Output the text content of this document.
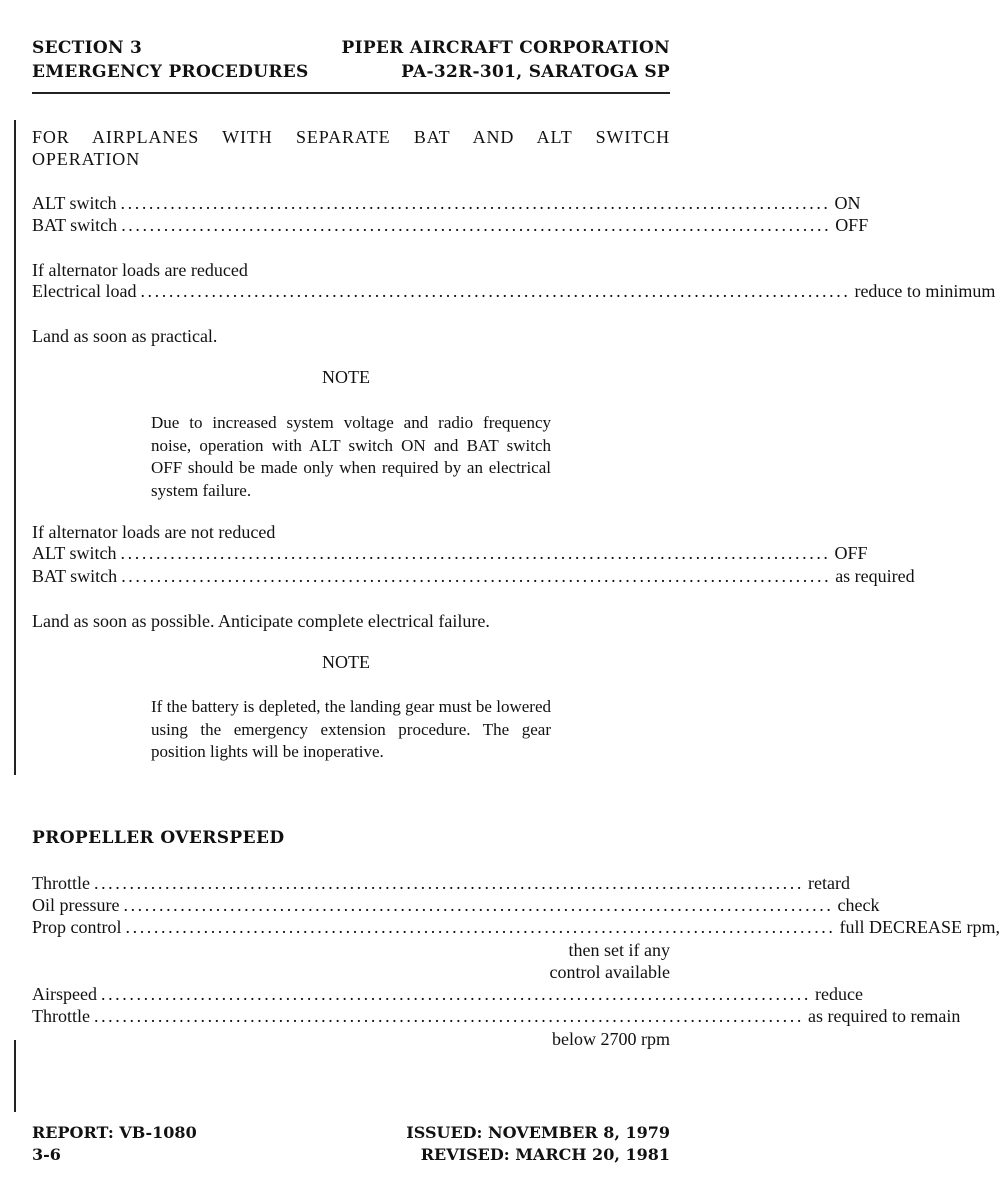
SECTION 3
EMERGENCY PROCEDURES
PIPER AIRCRAFT CORPORATION
PA-32R-301, SARATOGA SP
FOR AIRPLANES WITH SEPARATE BAT AND ALT SWITCH
OPERATION
ALT switch .................................................................................................... ON
BAT switch .................................................................................................... OFF
If alternator loads are reduced
Electrical load .................................................................................................... reduce to minimum
Land as soon as practical.
NOTE
Due to increased system voltage and radio frequency noise, operation with ALT switch ON and BAT switch OFF should be made only when required by an electrical system failure.
If alternator loads are not reduced
ALT switch .................................................................................................... OFF
BAT switch .................................................................................................... as required
Land as soon as possible. Anticipate complete electrical failure.
NOTE
If the battery is depleted, the landing gear must be lowered using the emergency extension procedure. The gear position lights will be inoperative.
PROPELLER OVERSPEED
Throttle .................................................................................................... retard
Oil pressure .................................................................................................... check
Prop control .................................................................................................... full DECREASE rpm,
then set if any
control available
Airspeed .................................................................................................... reduce
Throttle .................................................................................................... as required to remain
below 2700 rpm
REPORT: VB-1080
3-6
ISSUED: NOVEMBER 8, 1979
REVISED: MARCH 20, 1981
